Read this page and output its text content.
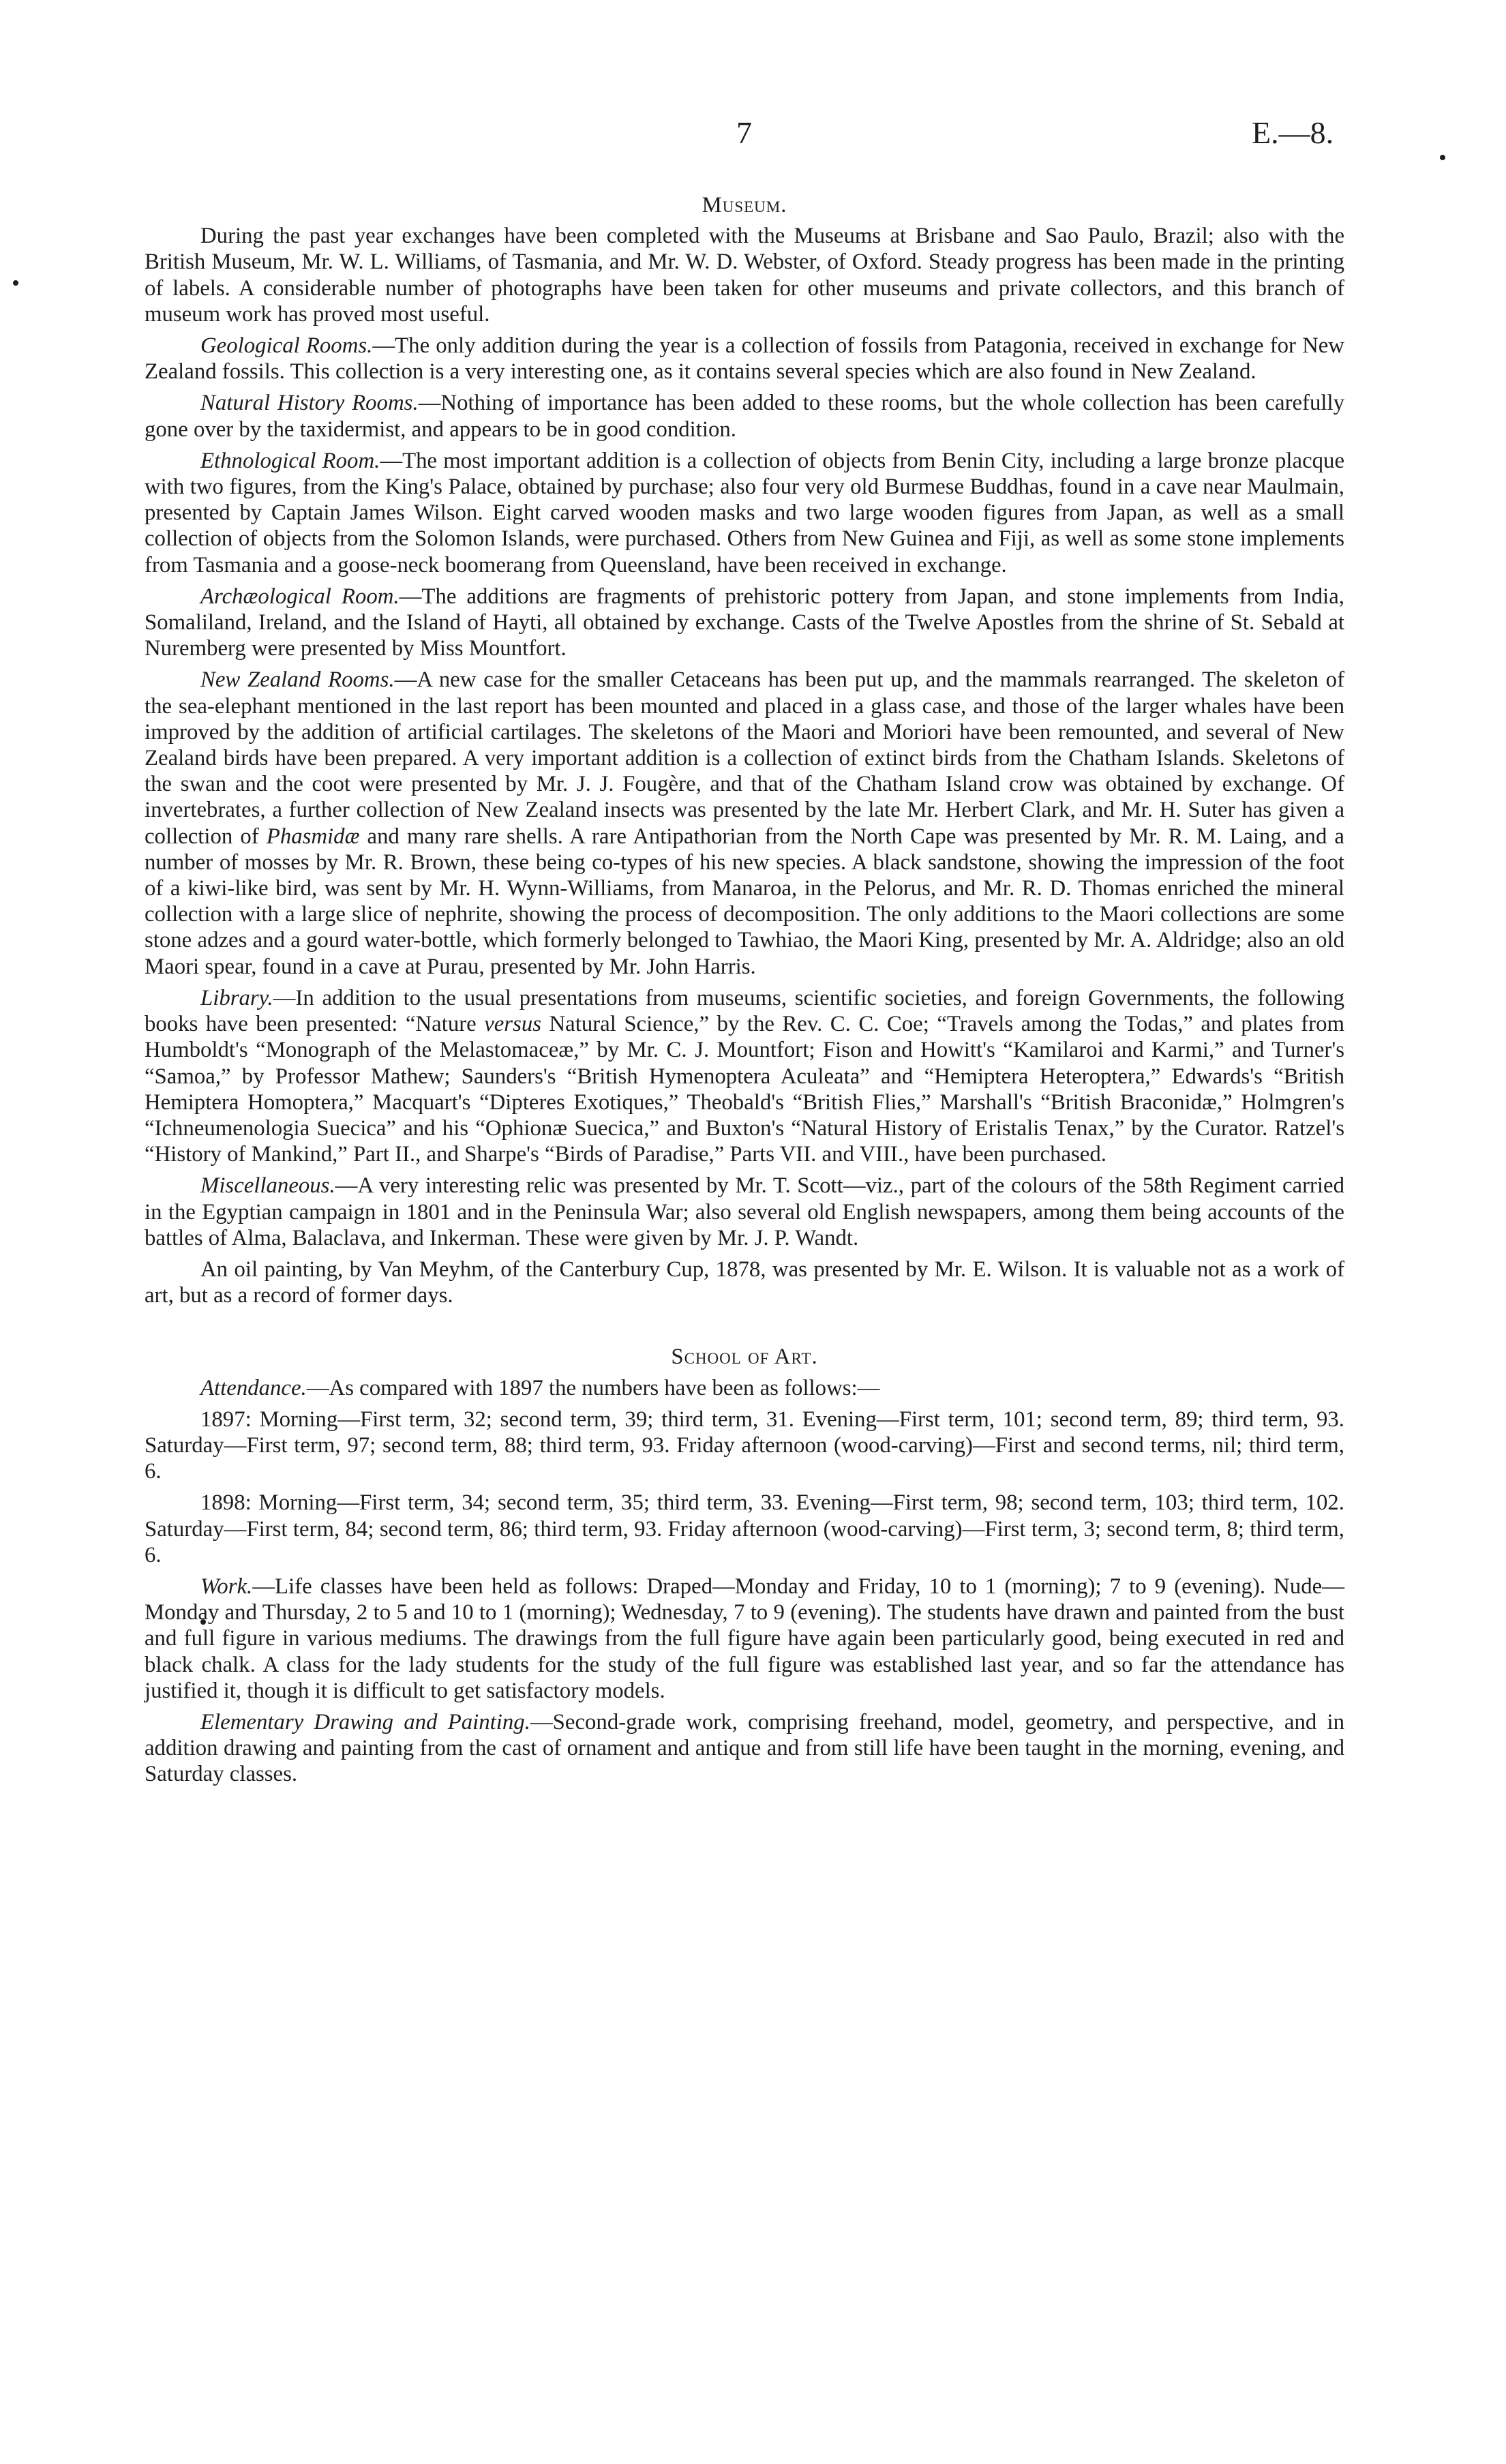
7	E.—8.
Museum.

During the past year exchanges have been completed with the Museums at Brisbane and Sao Paulo, Brazil; also with the British Museum, Mr. W. L. Williams, of Tasmania, and Mr. W. D. Webster, of Oxford. Steady progress has been made in the printing of labels. A considerable number of photographs have been taken for other museums and private collectors, and this branch of museum work has proved most useful.

Geological Rooms.—The only addition during the year is a collection of fossils from Patagonia, received in exchange for New Zealand fossils. This collection is a very interesting one, as it contains several species which are also found in New Zealand.

Natural History Rooms.—Nothing of importance has been added to these rooms, but the whole collection has been carefully gone over by the taxidermist, and appears to be in good condition.

Ethnological Room.—The most important addition is a collection of objects from Benin City, including a large bronze placque with two figures, from the King's Palace, obtained by purchase; also four very old Burmese Buddhas, found in a cave near Maulmain, presented by Captain James Wilson. Eight carved wooden masks and two large wooden figures from Japan, as well as a small collection of objects from the Solomon Islands, were purchased. Others from New Guinea and Fiji, as well as some stone implements from Tasmania and a goose-neck boomerang from Queensland, have been received in exchange.

Archæological Room.—The additions are fragments of prehistoric pottery from Japan, and stone implements from India, Somaliland, Ireland, and the Island of Hayti, all obtained by exchange. Casts of the Twelve Apostles from the shrine of St. Sebald at Nuremberg were presented by Miss Mountfort.

New Zealand Rooms.—A new case for the smaller Cetaceans has been put up, and the mammals rearranged. The skeleton of the sea-elephant mentioned in the last report has been mounted and placed in a glass case, and those of the larger whales have been improved by the addition of artificial cartilages. The skeletons of the Maori and Moriori have been remounted, and several of New Zealand birds have been prepared. A very important addition is a collection of extinct birds from the Chatham Islands. Skeletons of the swan and the coot were presented by Mr. J. J. Fougère, and that of the Chatham Island crow was obtained by exchange. Of invertebrates, a further collection of New Zealand insects was presented by the late Mr. Herbert Clark, and Mr. H. Suter has given a collection of Phasmidæ and many rare shells. A rare Antipathorian from the North Cape was presented by Mr. R. M. Laing, and a number of mosses by Mr. R. Brown, these being co-types of his new species. A black sandstone, showing the impression of the foot of a kiwi-like bird, was sent by Mr. H. Wynn-Williams, from Manaroa, in the Pelorus, and Mr. R. D. Thomas enriched the mineral collection with a large slice of nephrite, showing the process of decomposition. The only additions to the Maori collections are some stone adzes and a gourd water-bottle, which formerly belonged to Tawhiao, the Maori King, presented by Mr. A. Aldridge; also an old Maori spear, found in a cave at Purau, presented by Mr. John Harris.

Library.—In addition to the usual presentations from museums, scientific societies, and foreign Governments, the following books have been presented: “Nature versus Natural Science,” by the Rev. C. C. Coe; “Travels among the Todas,” and plates from Humboldt's “Monograph of the Melastomaceæ,” by Mr. C. J. Mountfort; Fison and Howitt's “Kamilaroi and Karmi,” and Turner's “Samoa,” by Professor Mathew; Saunders's “British Hymenoptera Aculeata” and “Hemiptera Heteroptera,” Edwards's “British Hemiptera Homoptera,” Macquart's “Dipteres Exotiques,” Theobald's “British Flies,” Marshall's “British Braconidæ,” Holmgren's “Ichneumenologia Suecica” and his “Ophionæ Suecica,” and Buxton's “Natural History of Eristalis Tenax,” by the Curator. Ratzel's “History of Mankind,” Part II., and Sharpe's “Birds of Paradise,” Parts VII. and VIII., have been purchased.

Miscellaneous.—A very interesting relic was presented by Mr. T. Scott—viz., part of the colours of the 58th Regiment carried in the Egyptian campaign in 1801 and in the Peninsula War; also several old English newspapers, among them being accounts of the battles of Alma, Balaclava, and Inkerman. These were given by Mr. J. P. Wandt.

An oil painting, by Van Meyhm, of the Canterbury Cup, 1878, was presented by Mr. E. Wilson. It is valuable not as a work of art, but as a record of former days.

School of Art.

Attendance.—As compared with 1897 the numbers have been as follows:—

1897: Morning—First term, 32; second term, 39; third term, 31. Evening—First term, 101; second term, 89; third term, 93. Saturday—First term, 97; second term, 88; third term, 93. Friday afternoon (wood-carving)—First and second terms, nil; third term, 6.

1898: Morning—First term, 34; second term, 35; third term, 33. Evening—First term, 98; second term, 103; third term, 102. Saturday—First term, 84; second term, 86; third term, 93. Friday afternoon (wood-carving)—First term, 3; second term, 8; third term, 6.

Work.—Life classes have been held as follows: Draped—Monday and Friday, 10 to 1 (morning); 7 to 9 (evening). Nude—Monday and Thursday, 2 to 5 and 10 to 1 (morning); Wednesday, 7 to 9 (evening). The students have drawn and painted from the bust and full figure in various mediums. The drawings from the full figure have again been particularly good, being executed in red and black chalk. A class for the lady students for the study of the full figure was established last year, and so far the attendance has justified it, though it is difficult to get satisfactory models.

Elementary Drawing and Painting.—Second-grade work, comprising freehand, model, geometry, and perspective, and in addition drawing and painting from the cast of ornament and antique and from still life have been taught in the morning, evening, and Saturday classes.
